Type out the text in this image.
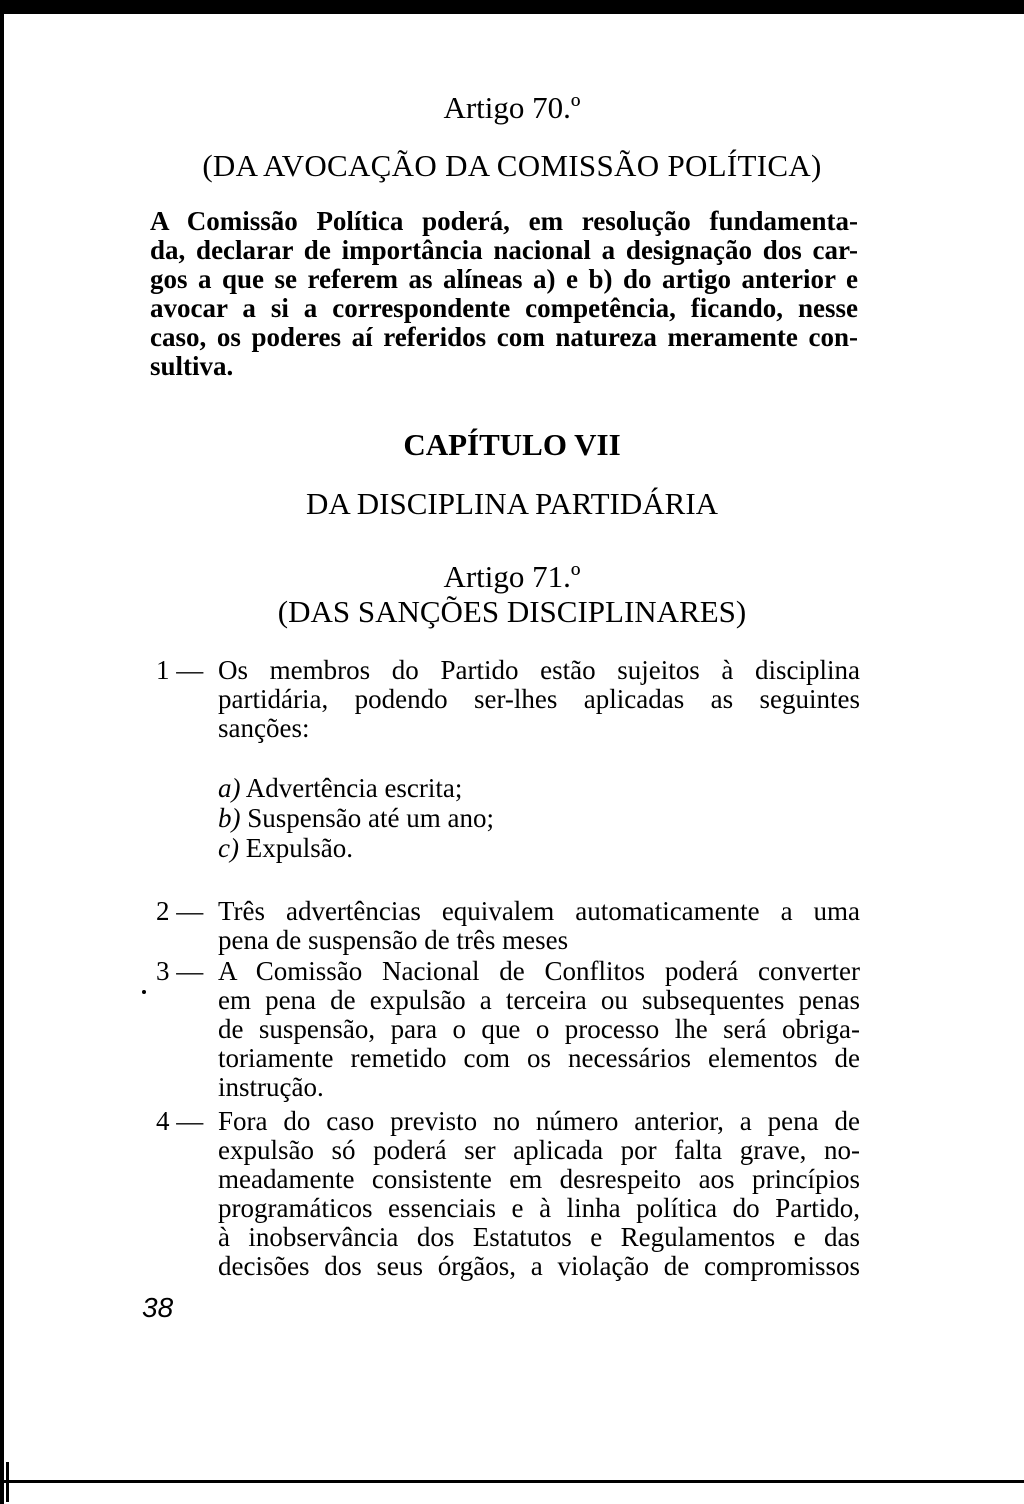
Artigo 70.º
(DA AVOCAÇÃO DA COMISSÃO POLÍTICA)
A Comissão Política poderá, em resolução fundamenta-
da, declarar de importância nacional a designação dos car-
gos a que se referem as alíneas a) e b) do artigo anterior e
avocar a si a correspondente competência, ficando, nesse
caso, os poderes aí referidos com natureza meramente con-
sultiva.
CAPÍTULO VII
DA DISCIPLINA PARTIDÁRIA
Artigo 71.º
(DAS SANÇÕES DISCIPLINARES)
1 — Os membros do Partido estão sujeitos à disciplina
partidária, podendo ser-lhes aplicadas as seguintes
sanções:
a) Advertência escrita;
b) Suspensão até um ano;
c) Expulsão.
2 — Três advertências equivalem automaticamente a uma
pena de suspensão de três meses
3 — A Comissão Nacional de Conflitos poderá converter
em pena de expulsão a terceira ou subsequentes penas
de suspensão, para o que o processo lhe será obriga-
toriamente remetido com os necessários elementos de
instrução.
4 — Fora do caso previsto no número anterior, a pena de
expulsão só poderá ser aplicada por falta grave, no-
meadamente consistente em desrespeito aos princípios
programáticos essenciais e à linha política do Partido,
à inobservância dos Estatutos e Regulamentos e das
decisões dos seus órgãos, a violação de compromissos
38
